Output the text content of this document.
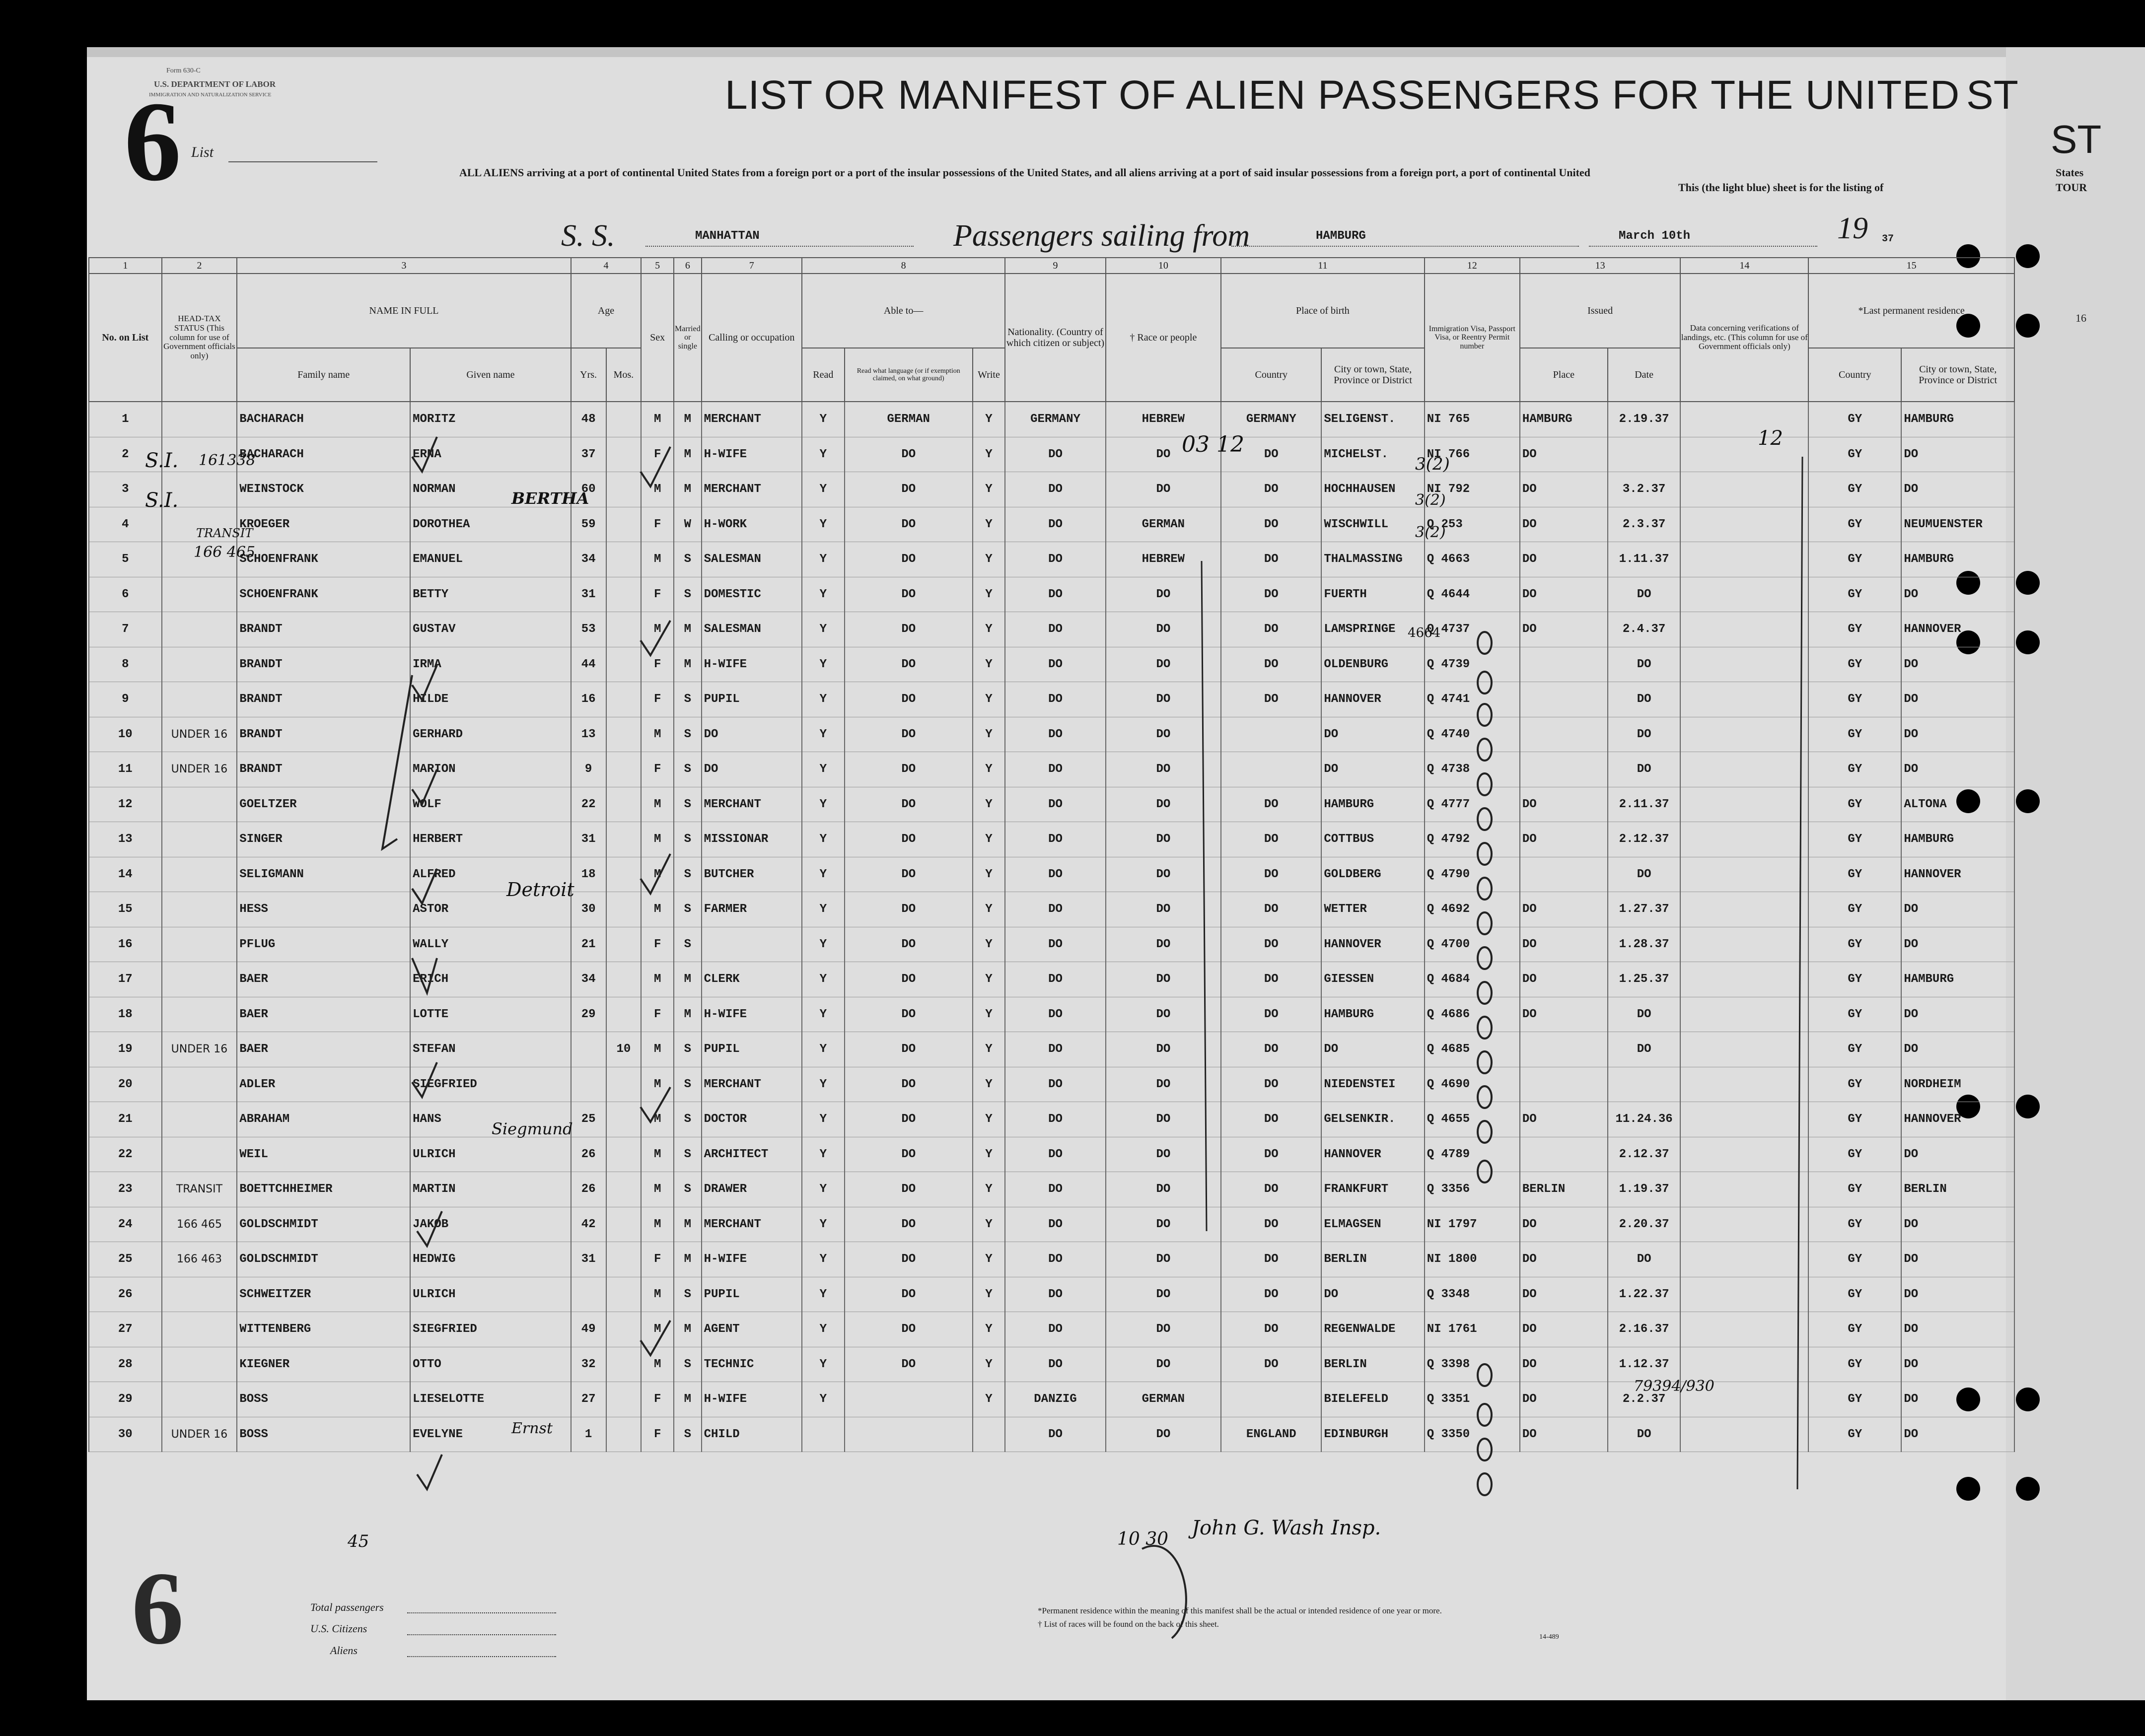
Form 630-C
U.S. DEPARTMENT OF LABOR
IMMIGRATION AND NATURALIZATION SERVICE
6 List
LIST OR MANIFEST OF ALIEN PASSENGERS FOR THE UNITED ST
ALL ALIENS arriving at a port of continental United States from a foreign port or a port of the insular possessions of the United States, and all aliens arriving at a port of said insular possessions from a foreign port, a port of continental United
This (the light blue) sheet is for the listing of
S. S.	MANHATTAN	Passengers sailing from	HAMBURG	March 10th	19 37
ST
States
TOUR
16
1	2	3		4		5	6	7	8			9	10	11		12	13		14	15	
No. on List	HEAD-TAX STATUS (This column for use of Government officials only)	NAME IN FULL		Age		Sex	Married or single	Calling or occupation	Able to—			Nationality. (Country of which citizen or subject)	† Race or people	Place of birth		Immigration Visa, Passport Visa, or Reentry Permit number	Issued		Data concerning verifications of landings, etc. (This column for use of Government officials only)	*Last permanent residence	
		Family name	Given name	Yrs.	Mos.				Read	Read what language (or if exemption claimed, on what ground)	Write			Country	City or town, State, Province or District		Place	Date		Country	City or town, State, Province or District
1		BACHARACH	MORITZ	48		M	M	MERCHANT	Y	GERMAN	Y	GERMANY	HEBREW	GERMANY	SELIGENST.	NI 765	HAMBURG	2.19.37		GY	HAMBURG
2		BACHARACH	ERNA	37		F	M	H-WIFE	Y	DO	Y	DO	DO	DO	MICHELST.	NI 766	DO			GY	DO
3		WEINSTOCK	NORMAN	60		M	M	MERCHANT	Y	DO	Y	DO	DO	DO	HOCHHAUSEN	NI 792	DO	3.2.37		GY	DO
4		KROEGER	DOROTHEA	59		F	W	H-WORK	Y	DO	Y	DO	GERMAN	DO	WISCHWILL	Q 253	DO	2.3.37		GY	NEUMUENSTER
5		SCHOENFRANK	EMANUEL	34		M	S	SALESMAN	Y	DO	Y	DO	HEBREW	DO	THALMASSING	Q 4663	DO	1.11.37		GY	HAMBURG
6		SCHOENFRANK	BETTY	31		F	S	DOMESTIC	Y	DO	Y	DO	DO	DO	FUERTH	Q 4644	DO	DO		GY	DO
7		BRANDT	GUSTAV	53		M	M	SALESMAN	Y	DO	Y	DO	DO	DO	LAMSPRINGE	Q 4737	DO	2.4.37		GY	HANNOVER
8		BRANDT	IRMA	44		F	M	H-WIFE	Y	DO	Y	DO	DO	DO	OLDENBURG	Q 4739		DO		GY	DO
9		BRANDT	HILDE	16		F	S	PUPIL	Y	DO	Y	DO	DO	DO	HANNOVER	Q 4741		DO		GY	DO
10	UNDER 16	BRANDT	GERHARD	13		M	S	DO	Y	DO	Y	DO	DO		DO	Q 4740		DO		GY	DO
11	UNDER 16	BRANDT	MARION	9		F	S	DO	Y	DO	Y	DO	DO		DO	Q 4738		DO		GY	DO
12		GOELTZER	WOLF	22		M	S	MERCHANT	Y	DO	Y	DO	DO	DO	HAMBURG	Q 4777	DO	2.11.37		GY	ALTONA
13		SINGER	HERBERT	31		M	S	MISSIONAR	Y	DO	Y	DO	DO	DO	COTTBUS	Q 4792	DO	2.12.37		GY	HAMBURG
14		SELIGMANN	ALFRED	18		M	S	BUTCHER	Y	DO	Y	DO	DO	DO	GOLDBERG	Q 4790		DO		GY	HANNOVER
15		HESS	ASTOR	30		M	S	FARMER	Y	DO	Y	DO	DO	DO	WETTER	Q 4692	DO	1.27.37		GY	DO
16		PFLUG	WALLY	21		F	S		Y	DO	Y	DO	DO	DO	HANNOVER	Q 4700	DO	1.28.37		GY	DO
17		BAER	ERICH	34		M	M	CLERK	Y	DO	Y	DO	DO	DO	GIESSEN	Q 4684	DO	1.25.37		GY	HAMBURG
18		BAER	LOTTE	29		F	M	H-WIFE	Y	DO	Y	DO	DO	DO	HAMBURG	Q 4686	DO	DO		GY	DO
19	UNDER 16	BAER	STEFAN		10	M	S	PUPIL	Y	DO	Y	DO	DO	DO	DO	Q 4685		DO		GY	DO
20		ADLER	SIEGFRIED			M	S	MERCHANT	Y	DO	Y	DO	DO	DO	NIEDENSTEI	Q 4690				GY	NORDHEIM
21		ABRAHAM	HANS	25		M	S	DOCTOR	Y	DO	Y	DO	DO	DO	GELSENKIR.	Q 4655	DO	11.24.36		GY	HANNOVER
22		WEIL	ULRICH	26		M	S	ARCHITECT	Y	DO	Y	DO	DO	DO	HANNOVER	Q 4789		2.12.37		GY	DO
23	TRANSIT	BOETTCHHEIMER	MARTIN	26		M	S	DRAWER	Y	DO	Y	DO	DO	DO	FRANKFURT	Q 3356	BERLIN	1.19.37		GY	BERLIN
24	166 465	GOLDSCHMIDT	JAKOB	42		M	M	MERCHANT	Y	DO	Y	DO	DO	DO	ELMAGSEN	NI 1797	DO	2.20.37		GY	DO
25	166 463	GOLDSCHMIDT	HEDWIG	31		F	M	H-WIFE	Y	DO	Y	DO	DO	DO	BERLIN	NI 1800	DO	DO		GY	DO
26		SCHWEITZER	ULRICH			M	S	PUPIL	Y	DO	Y	DO	DO	DO	DO	Q 3348	DO	1.22.37		GY	DO
27		WITTENBERG	SIEGFRIED	49		M	M	AGENT	Y	DO	Y	DO	DO	DO	REGENWALDE	NI 1761	DO	2.16.37		GY	DO
28		KIEGNER	OTTO	32		M	S	TECHNIC	Y	DO	Y	DO	DO	DO	BERLIN	Q 3398	DO	1.12.37		GY	DO
29		BOSS	LIESELOTTE	27		F	M	H-WIFE	Y		Y	DANZIG	GERMAN		BIELEFELD	Q 3351	DO	2.2.37		GY	DO
30	UNDER 16	BOSS	EVELYNE	1		F	S	CHILD				DO	DO	ENGLAND	EDINBURGH	Q 3350	DO	DO		GY	DO
S.I. 161338
S.I.
TRANSIT
166 465
BERTHA
Detroit
Siegmund
Ernst
3(2)
3(2)
3(2)
4664
12
03 12
79394/930
45
John G. Wash Insp.
10 30
6	Total passengers
U.S. Citizens
Aliens
*Permanent residence within the meaning of this manifest shall be the actual or intended residence of one year or more.
† List of races will be found on the back of this sheet.
14-489
